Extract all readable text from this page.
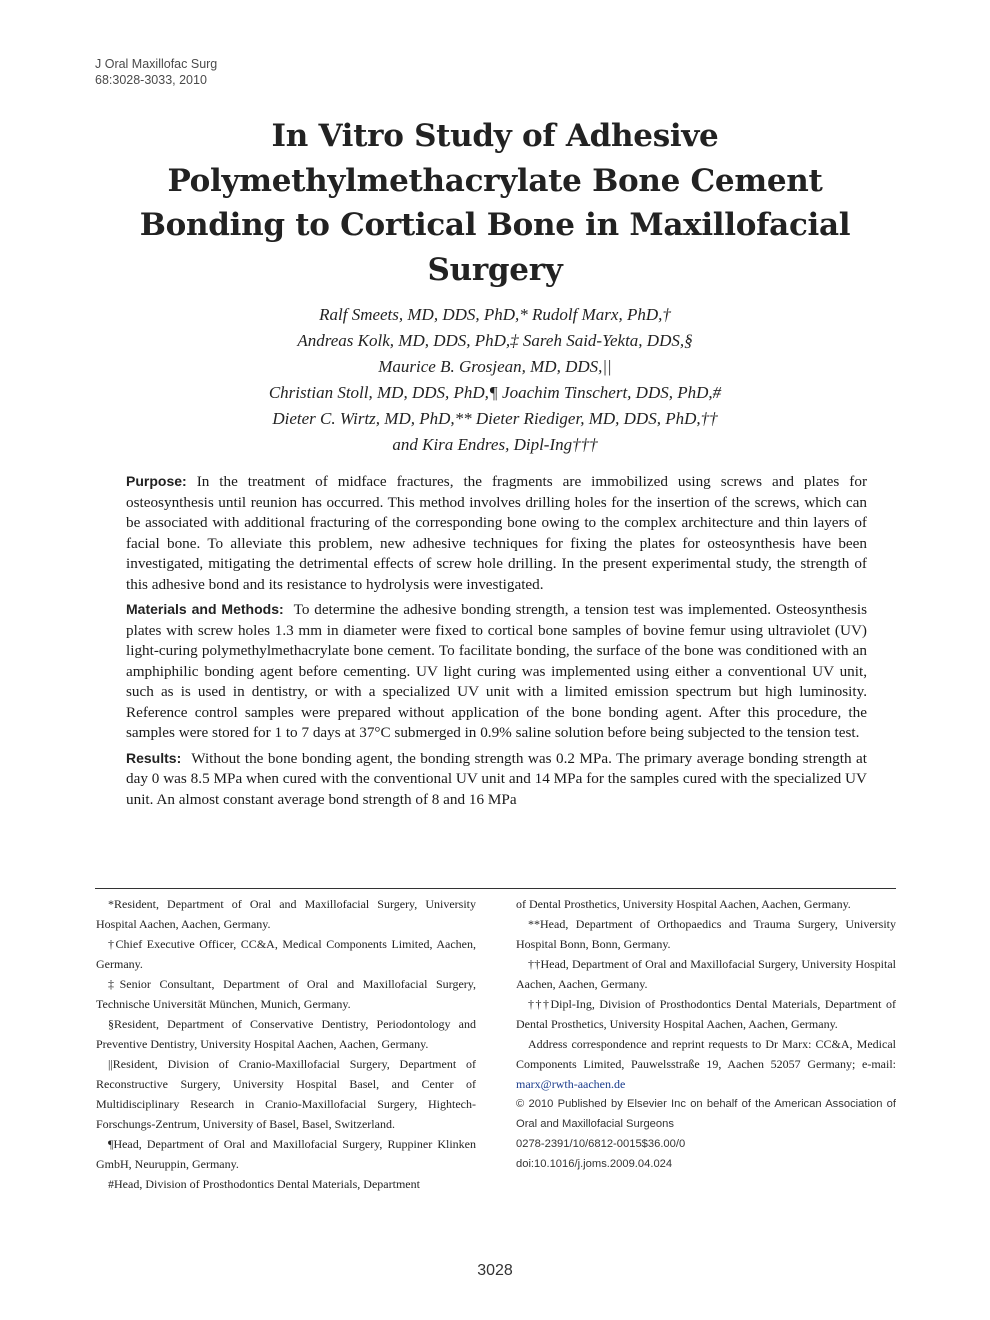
J Oral Maxillofac Surg
68:3028-3033, 2010
In Vitro Study of Adhesive Polymethylmethacrylate Bone Cement Bonding to Cortical Bone in Maxillofacial Surgery
Ralf Smeets, MD, DDS, PhD,* Rudolf Marx, PhD,†
Andreas Kolk, MD, DDS, PhD,‡ Sareh Said-Yekta, DDS,§
Maurice B. Grosjean, MD, DDS,||
Christian Stoll, MD, DDS, PhD,¶ Joachim Tinschert, DDS, PhD,#
Dieter C. Wirtz, MD, PhD,** Dieter Riediger, MD, DDS, PhD,††
and Kira Endres, Dipl-Ing†††

Purpose: In the treatment of midface fractures, the fragments are immobilized using screws and plates for osteosynthesis until reunion has occurred. This method involves drilling holes for the insertion of the screws, which can be associated with additional fracturing of the corresponding bone owing to the complex architecture and thin layers of facial bone. To alleviate this problem, new adhesive techniques for fixing the plates for osteosynthesis have been investigated, mitigating the detrimental effects of screw hole drilling. In the present experimental study, the strength of this adhesive bond and its resistance to hydrolysis were investigated.

Materials and Methods: To determine the adhesive bonding strength, a tension test was implemented. Osteosynthesis plates with screw holes 1.3 mm in diameter were fixed to cortical bone samples of bovine femur using ultraviolet (UV) light-curing polymethylmethacrylate bone cement. To facilitate bonding, the surface of the bone was conditioned with an amphiphilic bonding agent before cementing. UV light curing was implemented using either a conventional UV unit, such as is used in dentistry, or with a specialized UV unit with a limited emission spectrum but high luminosity. Reference control samples were prepared without application of the bone bonding agent. After this procedure, the samples were stored for 1 to 7 days at 37°C submerged in 0.9% saline solution before being subjected to the tension test.

Results: Without the bone bonding agent, the bonding strength was 0.2 MPa. The primary average bonding strength at day 0 was 8.5 MPa when cured with the conventional UV unit and 14 MPa for the samples cured with the specialized UV unit. An almost constant average bond strength of 8 and 16 MPa

*Resident, Department of Oral and Maxillofacial Surgery, University Hospital Aachen, Aachen, Germany.

†Chief Executive Officer, CC&A, Medical Components Limited, Aachen, Germany.

‡Senior Consultant, Department of Oral and Maxillofacial Surgery, Technische Universität München, Munich, Germany.

§Resident, Department of Conservative Dentistry, Periodontology and Preventive Dentistry, University Hospital Aachen, Aachen, Germany.

||Resident, Division of Cranio-Maxillofacial Surgery, Department of Reconstructive Surgery, University Hospital Basel, and Center of Multidisciplinary Research in Cranio-Maxillofacial Surgery, Hightech-Forschungs-Zentrum, University of Basel, Basel, Switzerland.

¶Head, Department of Oral and Maxillofacial Surgery, Ruppiner Klinken GmbH, Neuruppin, Germany.

#Head, Division of Prosthodontics Dental Materials, Department

of Dental Prosthetics, University Hospital Aachen, Aachen, Germany.

**Head, Department of Orthopaedics and Trauma Surgery, University Hospital Bonn, Bonn, Germany.

††Head, Department of Oral and Maxillofacial Surgery, University Hospital Aachen, Aachen, Germany.

†††Dipl-Ing, Division of Prosthodontics Dental Materials, Department of Dental Prosthetics, University Hospital Aachen, Aachen, Germany.

Address correspondence and reprint requests to Dr Marx: CC&A, Medical Components Limited, Pauwelsstraße 19, Aachen 52057 Germany; e-mail: marx@rwth-aachen.de

© 2010 Published by Elsevier Inc on behalf of the American Association of Oral and Maxillofacial Surgeons

0278-2391/10/6812-0015$36.00/0

doi:10.1016/j.joms.2009.04.024

3028
